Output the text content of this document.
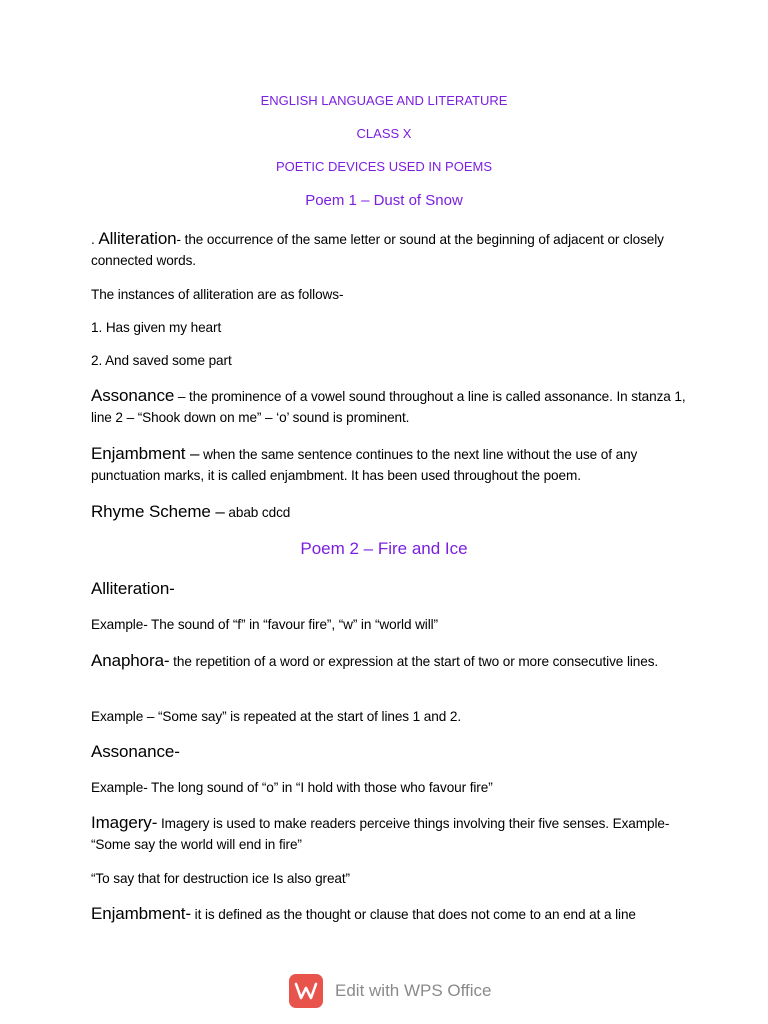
ENGLISH LANGUAGE AND LITERATURE
CLASS X
POETIC DEVICES USED IN POEMS
Poem 1 – Dust of Snow
. Alliteration- the occurrence of the same letter or sound at the beginning of adjacent or closely connected words.
The instances of alliteration are as follows-
1. Has given my heart
2. And saved some part
Assonance – the prominence of a vowel sound throughout a line is called assonance. In stanza 1, line 2 – “Shook down on me” – ‘o’ sound is prominent.
Enjambment – when the same sentence continues to the next line without the use of any punctuation marks, it is called enjambment. It has been used throughout the poem.
Rhyme Scheme – abab cdcd
Poem 2 – Fire and Ice
Alliteration-
Example- The sound of “f” in “favour fire”, “w” in “world will”
Anaphora- the repetition of a word or expression at the start of two or more consecutive lines.
Example – “Some say” is repeated at the start of lines 1 and 2.
Assonance-
Example- The long sound of “o” in “I hold with those who favour fire”
Imagery- Imagery is used to make readers perceive things involving their five senses. Example- “Some say the world will end in fire”
“To say that for destruction ice Is also great”
Enjambment- it is defined as the thought or clause that does not come to an end at a line
Edit with WPS Office
